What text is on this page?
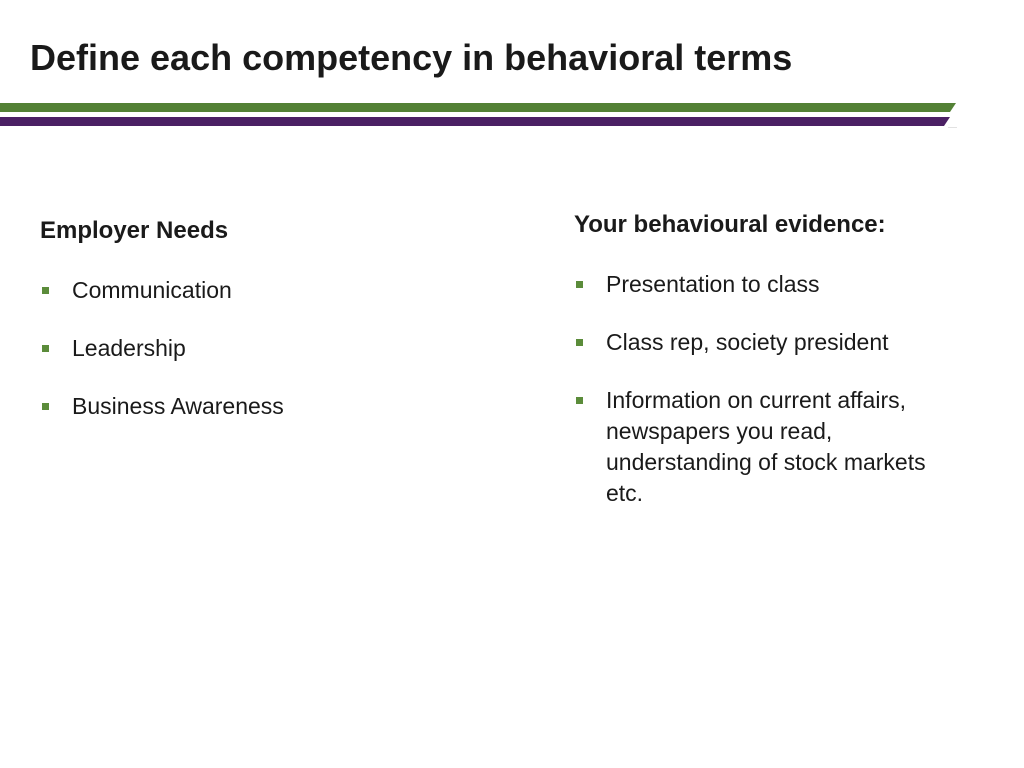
Define each competency in behavioral terms
Employer Needs
Communication
Leadership
Business Awareness
Your behavioural evidence:
Presentation to class
Class rep, society president
Information on current affairs, newspapers you read, understanding of stock markets etc.
